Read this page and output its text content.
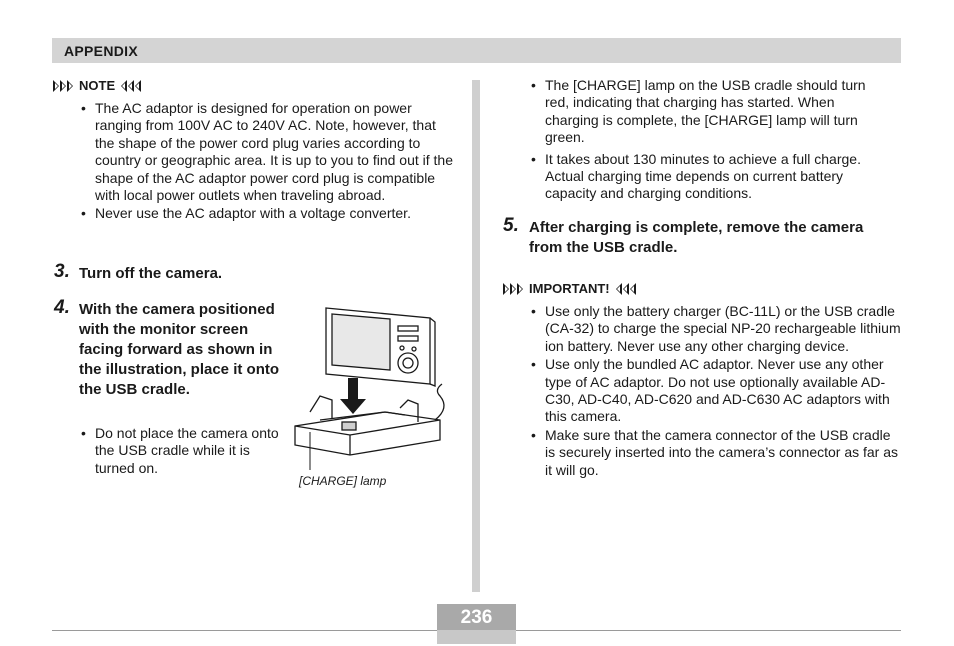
APPENDIX
NOTE
• The AC adaptor is designed for operation on power ranging from 100V AC to 240V AC. Note, however, that the shape of the power cord plug varies according to country or geographic area. It is up to you to find out if the shape of the AC adaptor power cord plug is compatible with local power outlets when traveling abroad.
• Never use the AC adaptor with a voltage converter.
3. Turn off the camera.
4. With the camera positioned with the monitor screen facing forward as shown in the illustration, place it onto the USB cradle.
• Do not place the camera onto the USB cradle while it is turned on.
[CHARGE] lamp
• The [CHARGE] lamp on the USB cradle should turn red, indicating that charging has started. When charging is complete, the [CHARGE] lamp will turn green.
• It takes about 130 minutes to achieve a full charge. Actual charging time depends on current battery capacity and charging conditions.
5. After charging is complete, remove the camera from the USB cradle.
IMPORTANT!
• Use only the battery charger (BC-11L) or the USB cradle (CA-32) to charge the special NP-20 rechargeable lithium ion battery. Never use any other charging device.
• Use only the bundled AC adaptor. Never use any other type of AC adaptor. Do not use optionally available AD-C30, AD-C40, AD-C620 and AD-C630 AC adaptors with this camera.
• Make sure that the camera connector of the USB cradle is securely inserted into the camera’s connector as far as it will go.
236
